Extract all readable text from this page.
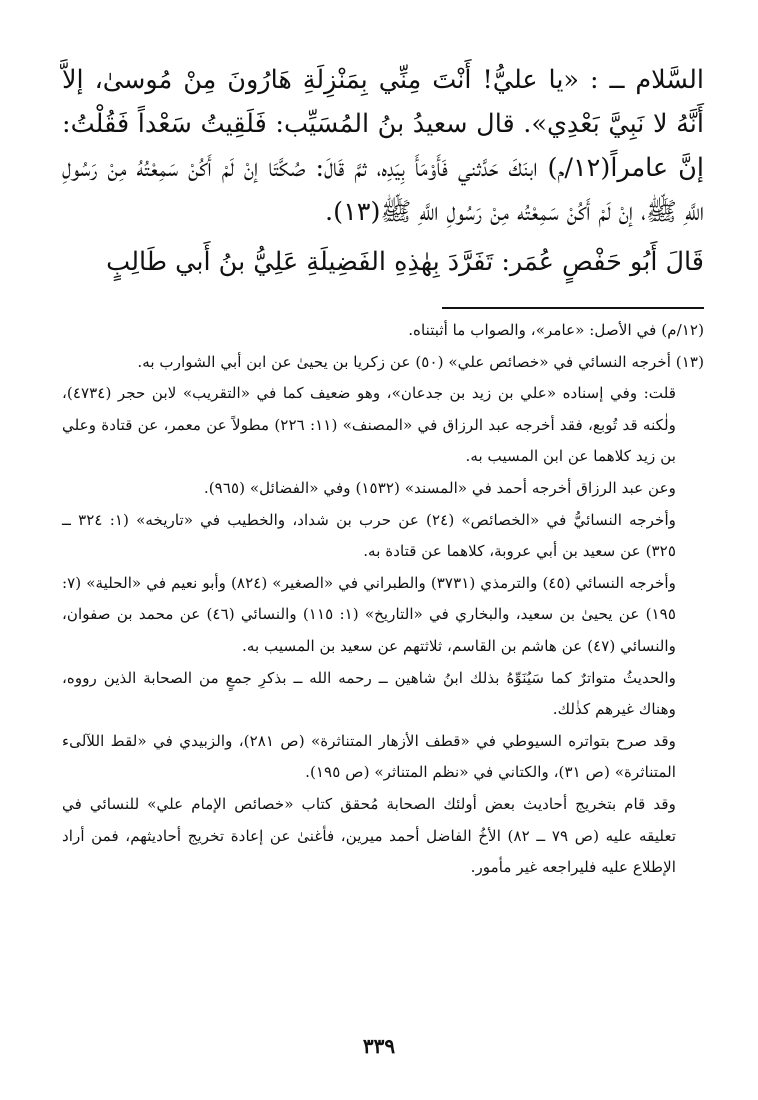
السَّلام ــ : «يا عليُّ! أَنْتَ مِنِّي بِمَنْزِلَةِ هَارُونَ مِنْ مُوسىٰ، إلاَّ أَنَّهُ لا نَبِيَّ بَعْدِي». قال سعيدُ بنُ المُسَيِّب: فَلَقِيتُ سَعْداً فَقُلْتُ: إنَّ عامراً(١٢/م) ابنَكَ حَدَّثني فَأَوْمَأَ بِيَدِه، ثمَّ قَالَ: صُكَّتَا إنْ لَمْ أَكُنْ سَمِعْتُهُ مِنْ رَسُولِ اللَّهِ ﷺ، إنْ لَمْ أَكُنْ سَمِعْتُه مِنْ رَسُولِ اللَّهِ ﷺ(١٣).

قَالَ أَبُو حَفْصٍ عُمَر: تَفَرَّدَ بِهٰذِهِ الفَضِيلَةِ عَلِيُّ بنُ أَبي طَالِبٍ

(١٢/م) في الأصل: «عامر»، والصواب ما أثبتناه.

(١٣) أخرجه النسائي في «خصائص علي» (٥٠) عن زكريا بن يحيىٰ عن ابن أبي الشوارب به.

قلت: وفي إسناده «علي بن زيد بن جدعان»، وهو ضعيف كما في «التقريب» لابن حجر (٤٧٣٤)، ولٰكنه قد تُوبع، فقد أخرجه عبد الرزاق في «المصنف» (١١: ٢٢٦) مطولاً عن معمر، عن قتادة وعلي بن زيد كلاهما عن ابن المسيب به.

وعن عبد الرزاق أخرجه أحمد في «المسند» (١٥٣٢) وفي «الفضائل» (٩٦٥).

وأخرجه النسائيُّ في «الخصائص» (٢٤) عن حرب بن شداد، والخطيب في «تاريخه» (١: ٣٢٤ ــ ٣٢٥) عن سعيد بن أبي عروبة، كلاهما عن قتادة به.

وأخرجه النسائي (٤٥) والترمذي (٣٧٣١) والطبراني في «الصغير» (٨٢٤) وأبو نعيم في «الحلية» (٧: ١٩٥) عن يحيىٰ بن سعيد، والبخاري في «التاريخ» (١: ١١٥) والنسائي (٤٦) عن محمد بن صفوان، والنسائي (٤٧) عن هاشم بن القاسم، ثلاثتهم عن سعيد بن المسيب به.

والحديثُ متواترٌ كما سَيُنَوِّهُ بذلك ابنُ شاهين ــ رحمه الله ــ بذكرِ جمعٍ من الصحابة الذين رووه، وهناك غيرهم كذٰلك.

وقد صرح بتواتره السيوطي في «قطف الأزهار المتناثرة» (ص ٢٨١)، والزبيدي في «لقط اللآلىء المتناثرة» (ص ٣١)، والكتاني في «نظم المتناثر» (ص ١٩٥).

وقد قام بتخريج أحاديث بعض أولئك الصحابة مُحقق كتاب «خصائص الإمام علي» للنسائي في تعليقه عليه (ص ٧٩ ــ ٨٢) الأخُ الفاضل أحمد ميرين، فأغنىٰ عن إعادة تخريج أحاديثهم، فمن أراد الإطلاع عليه فليراجعه غير مأمور.

٣٣٩
